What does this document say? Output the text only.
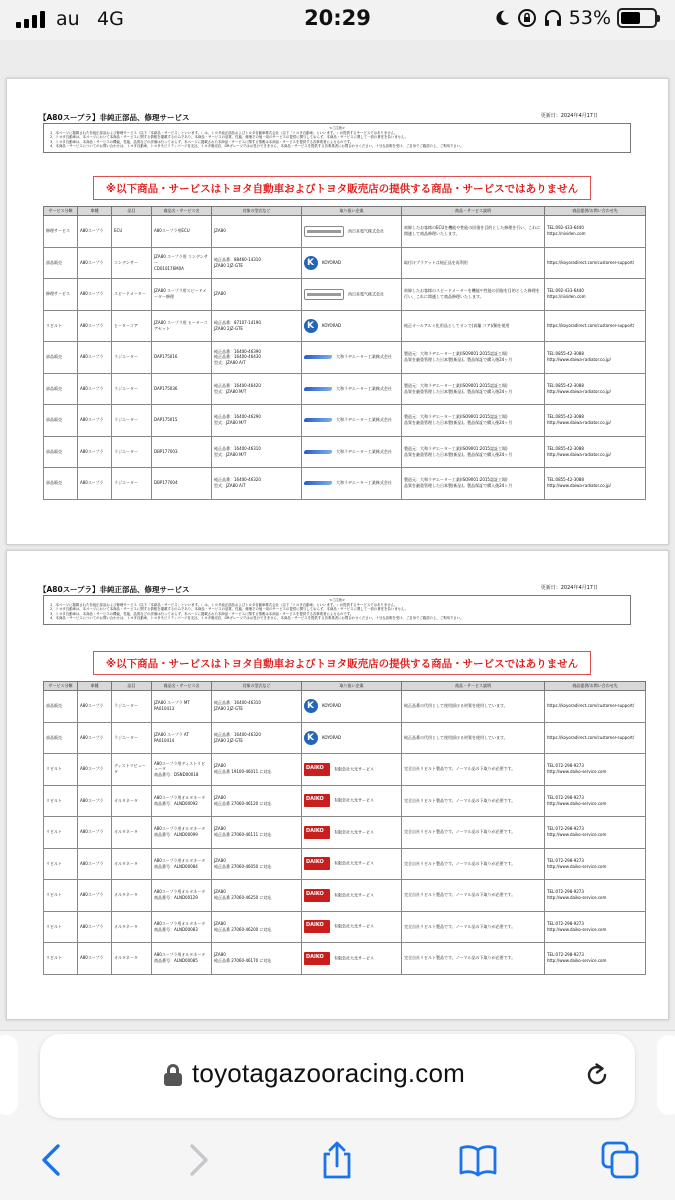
au 4G	20:29	53%
【A80スープラ】非純正部品、修理サービス	更新日：2024年4月17日
<ご注意>
1．本ページに掲載された非純正部品および修理サービス（以下「本商品・サービス」といいます。）は、トヨタ純正部品およびトヨタ自動車株式会社（以下「トヨタ自動車」といいます。）が提供するサービスではありません。
2．トヨタ自動車は、本ページにおいて本商品・サービスに関する情報を掲載するのみであり、本商品・サービスの品質、性能、修理その他一切のサービスの提供に関与しておらず、本商品・サービスに関して一切の責任を負いません。
3．トヨタ自動車は、本商品・サービスの機能、性能、品質などの評価は行っておらず、本ページに掲載された本商品・サービスに関する情報は本商品・サービスを提供する各事業者によるものです。
4．本商品・サービスについてのお問い合わせは、トヨタ自動車、トヨタモビリティパーツ各支社、トヨタ販売店、GRガレージではお受けできません。本商品・サービスを提供する各事業者にお問合わせください。十分な説明を受け、ご自身でご確認の上、ご利用下さい。
※以下商品・サービスはトヨタ自動車およびトヨタ販売店の提供する商品・サービスではありません
サービス分類	車種	品目	商品名・サービス名	対象の型式など	取り扱い企業	商品・サービス説明	商品提供/お問い合わせ先
修理サービス	A80スープラ	ECU	A80スープラ用ECU	JZA80	西日本電气株式会社	故障したお客様のECUを機能や性能の回復を目的とした修理を行い、これに関連して商品修理いたします。	TEL:092-433-6440
https://nisiden.com
部品販売	A80スープラ	コンデンサー	JZA80 スープラ用 コンデンサー
CD010176M0A	純正品番：88460-14310
JZA80 2JZ-GTE	KKOYORAD	取付けブラケットは純正品を再利用	https://koyoradirect.com/customer-support/
修理サービス	A80スープラ	スピードメーター	JZA80 スープラ用スピードメーター修理	JZA80	西日本電气株式会社	故障したお客様のスピードメーターを機能や性能の回復を目的とした修理を行い、これに関連して商品修理いたします。	TEL:092-433-6440
https://nisiden.com
リビルト	A80スープラ	ヒーターコア	JZA80 スープラ用 ヒーターコアセット	純正品番：87107-14190
JZA80 2JZ-GTE	KKOYORAD	純正オールアルミ化用品としてオンで(真鍮 コア)/銅を使用	https://koyoradirect.com/customer-support/
部品販売	A80スープラ	ラジエーター	DAP175016	純正品番：16400-46390
純正品番：16400-46430
型式：JZA80 A/T	大和ラヂエーター工業株式会社	製造元：大和ラヂエーター工業(ISO9001:2015認証工場)
品質を厳重管理した日本製(新品)。製品保証で購入後24ヶ月	TEL:0855-42-3088
http://www.daiwa-radiator.co.jp/
部品販売	A80スープラ	ラジエーター	DAP175036	純正品番：16400-46420
型式：JZA80 M/T	大和ラヂエーター工業株式会社	製造元：大和ラヂエーター工業(ISO9001:2015認証工場)
品質を厳重管理した日本製(新品)。製品保証で購入後24ヶ月	TEL:0855-42-3088
http://www.daiwa-radiator.co.jp/
部品販売	A80スープラ	ラジエーター	DAP175015	純正品番：16400-46290
型式：JZA80 M/T	大和ラヂエーター工業株式会社	製造元：大和ラヂエーター工業(ISO9001:2015認証工場)
品質を厳重管理した日本製(新品)。製品保証で購入後24ヶ月	TEL:0855-42-3088
http://www.daiwa-radiator.co.jp/
部品販売	A80スープラ	ラジエーター	DBP177003	純正品番：16400-46310
型式：JZA80 M/T	大和ラヂエーター工業株式会社	製造元：大和ラヂエーター工業(ISO9001:2015認証工場)
品質を厳重管理した日本製(新品)。製品保証で購入後24ヶ月	TEL:0855-42-3088
http://www.daiwa-radiator.co.jp/
部品販売	A80スープラ	ラジエーター	DBP177004	純正品番：16400-46320
型式：JZA80 A/T	大和ラヂエーター工業株式会社	製造元：大和ラヂエーター工業(ISO9001:2015認証工場)
品質を厳重管理した日本製(新品)。製品保証で購入後24ヶ月	TEL:0855-42-3088
http://www.daiwa-radiator.co.jp/
【A80スープラ】非純正部品、修理サービス	更新日：2024年4月17日
<ご注意>
1．本ページに掲載された非純正部品および修理サービス（以下「本商品・サービス」といいます。）は、トヨタ純正部品およびトヨタ自動車株式会社（以下「トヨタ自動車」といいます。）が提供するサービスではありません。
2．トヨタ自動車は、本ページにおいて本商品・サービスに関する情報を掲載するのみであり、本商品・サービスの品質、性能、修理その他一切のサービスの提供に関与しておらず、本商品・サービスに関して一切の責任を負いません。
3．トヨタ自動車は、本商品・サービスの機能、性能、品質などの評価は行っておらず、本ページに掲載された本商品・サービスに関する情報は本商品・サービスを提供する各事業者によるものです。
4．本商品・サービスについてのお問い合わせは、トヨタ自動車、トヨタモビリティパーツ各支社、トヨタ販売店、GRガレージではお受けできません。本商品・サービスを提供する各事業者にお問合わせください。十分な説明を受け、ご自身でご確認の上、ご利用下さい。
※以下商品・サービスはトヨタ自動車およびトヨタ販売店の提供する商品・サービスではありません
サービス分類	車種	品目	商品名・サービス名	対象の型式など	取り扱い企業	商品・サービス説明	商品提供/お問い合わせ先
部品販売	A80スープラ	ラジエーター	JZA80 スープラ MT
PA010413	純正品番：16400-46310
JZA80 2JZ-GTE	KKOYORAD	純正品番の代用として使用頂ける材質を使用しています。	https://koyoradirect.com/customer-support/
部品販売	A80スープラ	ラジエーター	JZA80 スープラ AT
PA010414	純正品番：16400-46320
JZA80 2JZ-GTE	KKOYORAD	純正品番の代用として使用頂ける材質を使用しています。	https://koyoradirect.com/customer-support/
リビルト	A80スープラ	ディストリビュータ	A80スープラ用ディストリビュータ
商品番号：DSND00018	JZA80
純正品番 19100-46011 に対応	DAIKO有限会社大光サービス	完全自社リビルト製品です。ノーマル品の下取りが必要です。	TEL:072-298-9273
http://www.daiko-service.com
リビルト	A80スープラ	オルタネータ	A80スープラ用オルタネータ
商品番号：ALND00092	JZA80
純正品番 27060-46120 に対応	DAIKO有限会社大光サービス	完全自社リビルト製品です。ノーマル品の下取りが必要です。	TEL:072-298-9273
http://www.daiko-service.com
リビルト	A80スープラ	オルタネータ	A80スープラ用オルタネータ
商品番号：ALND00099	JZA80
純正品番 27060-46111 に対応	DAIKO有限会社大光サービス	完全自社リビルト製品です。ノーマル品の下取りが必要です。	TEL:072-298-9273
http://www.daiko-service.com
リビルト	A80スープラ	オルタネータ	A80スープラ用オルタネータ
商品番号：ALND00084	JZA80
純正品番 27060-46050 に対応	DAIKO有限会社大光サービス	完全自社リビルト製品です。ノーマル品の下取りが必要です。	TEL:072-298-9273
http://www.daiko-service.com
リビルト	A80スープラ	オルタネータ	A80スープラ用オルタネータ
商品番号：ALND00129	JZA80
純正品番 27060-46250 に対応	DAIKO有限会社大光サービス	完全自社リビルト製品です。ノーマル品の下取りが必要です。	TEL:072-298-9273
http://www.daiko-service.com
リビルト	A80スープラ	オルタネータ	A80スープラ用オルタネータ
商品番号：ALND00083	JZA80
純正品番 27060-46200 に対応	DAIKO有限会社大光サービス	完全自社リビルト製品です。ノーマル品の下取りが必要です。	TEL:072-298-9273
http://www.daiko-service.com
リビルト	A80スープラ	オルタネータ	A80スープラ用オルタネータ
商品番号：ALND00085	JZA80
純正品番 27060-46170 に対応	DAIKO有限会社大光サービス	完全自社リビルト製品です。ノーマル品の下取りが必要です。	TEL:072-298-9273
http://www.daiko-service.com
toyotagazooracing.com
